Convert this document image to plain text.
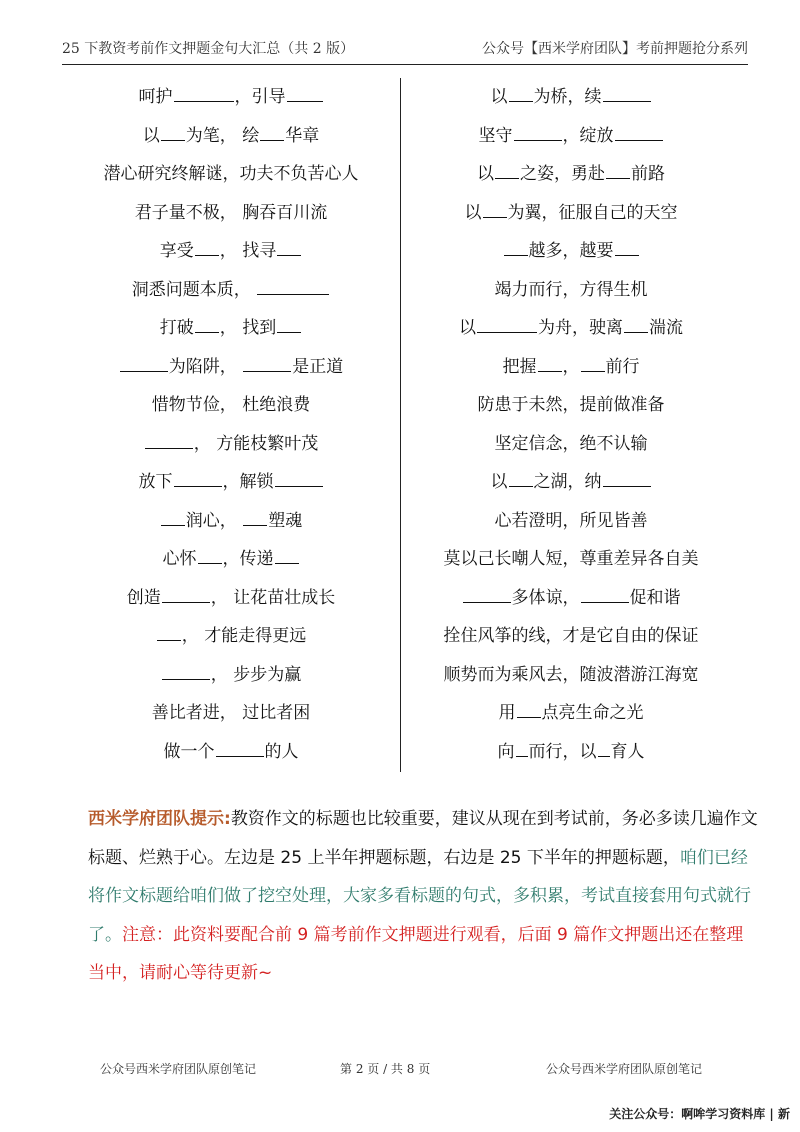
25 下教资考前作文押题金句大汇总（共 2 版）	公众号【西米学府团队】考前押题抢分系列
呵护	，引导
以 为笔， 绘 华章
潜心研究终解谜，功夫不负苦心人
君子量不极， 胸吞百川流
享受 ， 找寻
洞悉问题本质，
打破 ， 找到
为陷阱，	是正道
惜物节俭， 杜绝浪费
， 方能枝繁叶茂
放下	，解锁
润心， 塑魂
心怀 ，传递
创造	， 让花苗壮成长
， 才能走得更远
， 步步为赢
善比者进， 过比者困
做一个	的人
以 为桥，续
坚守	，绽放
以 之姿，勇赴 前路
以 为翼，征服自己的天空
越多，越要
竭力而行，方得生机
以	为舟，驶离 湍流
把握 ， 前行
防患于未然，提前做准备
坚定信念，绝不认输
以 之湖，纳
心若澄明，所见皆善
莫以己长嘲人短，尊重差异各自美
多体谅，	促和谐
拴住风筝的线，才是它自由的保证
顺势而为乘风去，随波潜游江海宽
用 点亮生命之光
向 而行，以 育人
西米学府团队提示:教资作文的标题也比较重要，建议从现在到考试前，务必多读几遍作文标题、烂熟于心。左边是 25 上半年押题标题，右边是 25 下半年的押题标题，咱们已经将作文标题给咱们做了挖空处理，大家多看标题的句式，多积累，考试直接套用句式就行了。注意：此资料要配合前 9 篇考前作文押题进行观看，后面 9 篇作文押题出还在整理当中，请耐心等待更新~
公众号西米学府团队原创笔记	第 2 页 / 共 8 页	公众号西米学府团队原创笔记
关注公众号：啊哞学习资料库 | 新
